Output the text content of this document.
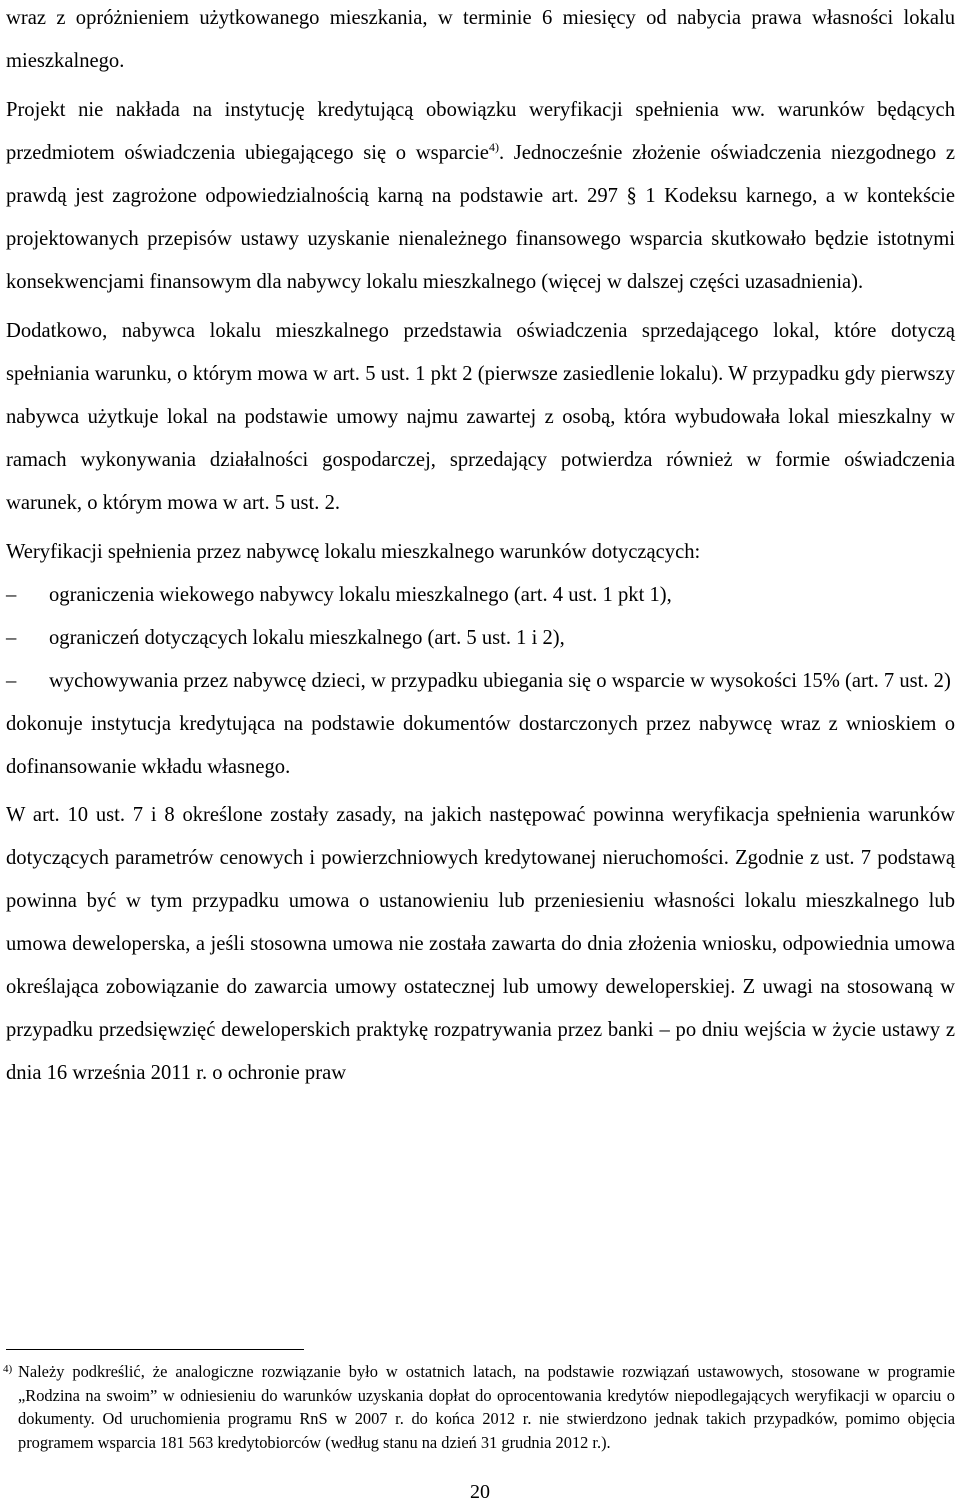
wraz z opróżnieniem użytkowanego mieszkania, w terminie 6 miesięcy od nabycia prawa własności lokalu mieszkalnego.

Projekt nie nakłada na instytucję kredytującą obowiązku weryfikacji spełnienia ww. warunków będących przedmiotem oświadczenia ubiegającego się o wsparcie$^{4)}$. Jednocześnie złożenie oświadczenia niezgodnego z prawdą jest zagrożone odpowiedzialnością karną na podstawie art. 297 § 1 Kodeksu karnego, a w kontekście projektowanych przepisów ustawy uzyskanie nienależnego finansowego wsparcia skutkowało będzie istotnymi konsekwencjami finansowym dla nabywcy lokalu mieszkalnego (więcej w dalszej części uzasadnienia).

Dodatkowo, nabywca lokalu mieszkalnego przedstawia oświadczenia sprzedającego lokal, które dotyczą spełniania warunku, o którym mowa w art. 5 ust. 1 pkt 2 (pierwsze zasiedlenie lokalu). W przypadku gdy pierwszy nabywca użytkuje lokal na podstawie umowy najmu zawartej z osobą, która wybudowała lokal mieszkalny w ramach wykonywania działalności gospodarczej, sprzedający potwierdza również w formie oświadczenia warunek, o którym mowa w art. 5 ust. 2.

Weryfikacji spełnienia przez nabywcę lokalu mieszkalnego warunków dotyczących:

–	ograniczenia wiekowego nabywcy lokalu mieszkalnego (art. 4 ust. 1 pkt 1),
–	ograniczeń dotyczących lokalu mieszkalnego (art. 5 ust. 1 i 2),
–	wychowywania przez nabywcę dzieci, w przypadku ubiegania się o wsparcie w wysokości 15% (art. 7 ust. 2)

dokonuje instytucja kredytująca na podstawie dokumentów dostarczonych przez nabywcę wraz z wnioskiem o dofinansowanie wkładu własnego.

W art. 10 ust. 7 i 8 określone zostały zasady, na jakich następować powinna weryfikacja spełnienia warunków dotyczących parametrów cenowych i powierzchniowych kredytowanej nieruchomości. Zgodnie z ust. 7 podstawą powinna być w tym przypadku umowa o ustanowieniu lub przeniesieniu własności lokalu mieszkalnego lub umowa deweloperska, a jeśli stosowna umowa nie została zawarta do dnia złożenia wniosku, odpowiednia umowa określająca zobowiązanie do zawarcia umowy ostatecznej lub umowy deweloperskiej. Z uwagi na stosowaną w przypadku przedsięwzięć deweloperskich praktykę rozpatrywania przez banki – po dniu wejścia w życie ustawy z dnia 16 września 2011 r. o ochronie praw

4) Należy podkreślić, że analogiczne rozwiązanie było w ostatnich latach, na podstawie rozwiązań ustawowych, stosowane w programie „Rodzina na swoim” w odniesieniu do warunków uzyskania dopłat do oprocentowania kredytów niepodlegających weryfikacji w oparciu o dokumenty. Od uruchomienia programu RnS w 2007 r. do końca 2012 r. nie stwierdzono jednak takich przypadków, pomimo objęcia programem wsparcia 181 563 kredytobiorców (według stanu na dzień 31 grudnia 2012 r.).
20
